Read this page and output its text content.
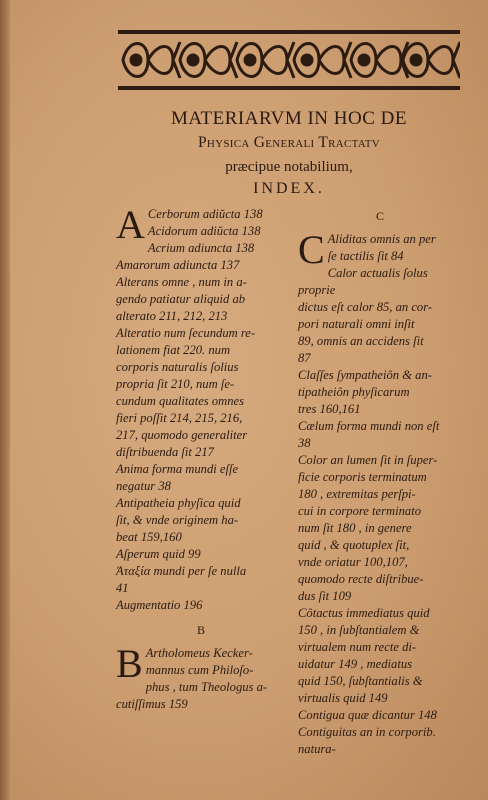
MATERIARVM IN HOC DE
Physica Generali Tractatv
præcipue notabilium,
INDEX.
A Cerborum adiŭcta 138
Acidorum adiŭcta 138
Acrium adiuncta 138
Amarorum adiuncta 137
Alterans omne , num in a-
gendo patiatur aliquid ab
alterato 211, 212, 213
Alteratio num ſecundum re-
lationem fiat 220. num
corporis naturalis ſolius
propria ſit 210, num ſe-
cundum qualitates omnes
fieri poſſit 214, 215, 216,
217, quomodo generaliter
diſtribuenda ſit 217
Anima forma mundi eſſe
negatur 38
Antipatheia phyſica quid
ſit, & vnde originem ha-
beat 159,160
Aſperum quid 99
Ἀταξία mundi per ſe nulla
41
Augmentatio 196
B
B Artholomeus Kecker-
mannus cum Philoſo-
phus , tum Theologus a-
cutiſſimus 159
C
C Aliditas omnis an per
ſe tactilis ſit 84
Calor actualis ſolus proprie
dictus eſt calor 85, an cor-
pori naturali omni inſit
89, omnis an accidens ſit
87
Claſſes ſympatheiôn & an-
tipatheiôn phyſicarum
tres 160,161
Cælum forma mundi non eſt
38
Color an lumen ſit in ſuper-
ficie corporis terminatum
180 , extremitas perſpi-
cui in corpore terminato
num ſit 180 , in genere
quid , & quotuplex ſit,
vnde oriatur 100,107,
quomodo recte diſtribue-
dus ſit 109
Côtactus immediatus quid
150 , in ſubſtantialem &
virtualem num recte di-
uidatur 149 , mediatus
quid 150, ſubſtantialis &
virtualis quid 149
Contigua quæ dicantur 148
Contiguitas an in corporib.
natura-
